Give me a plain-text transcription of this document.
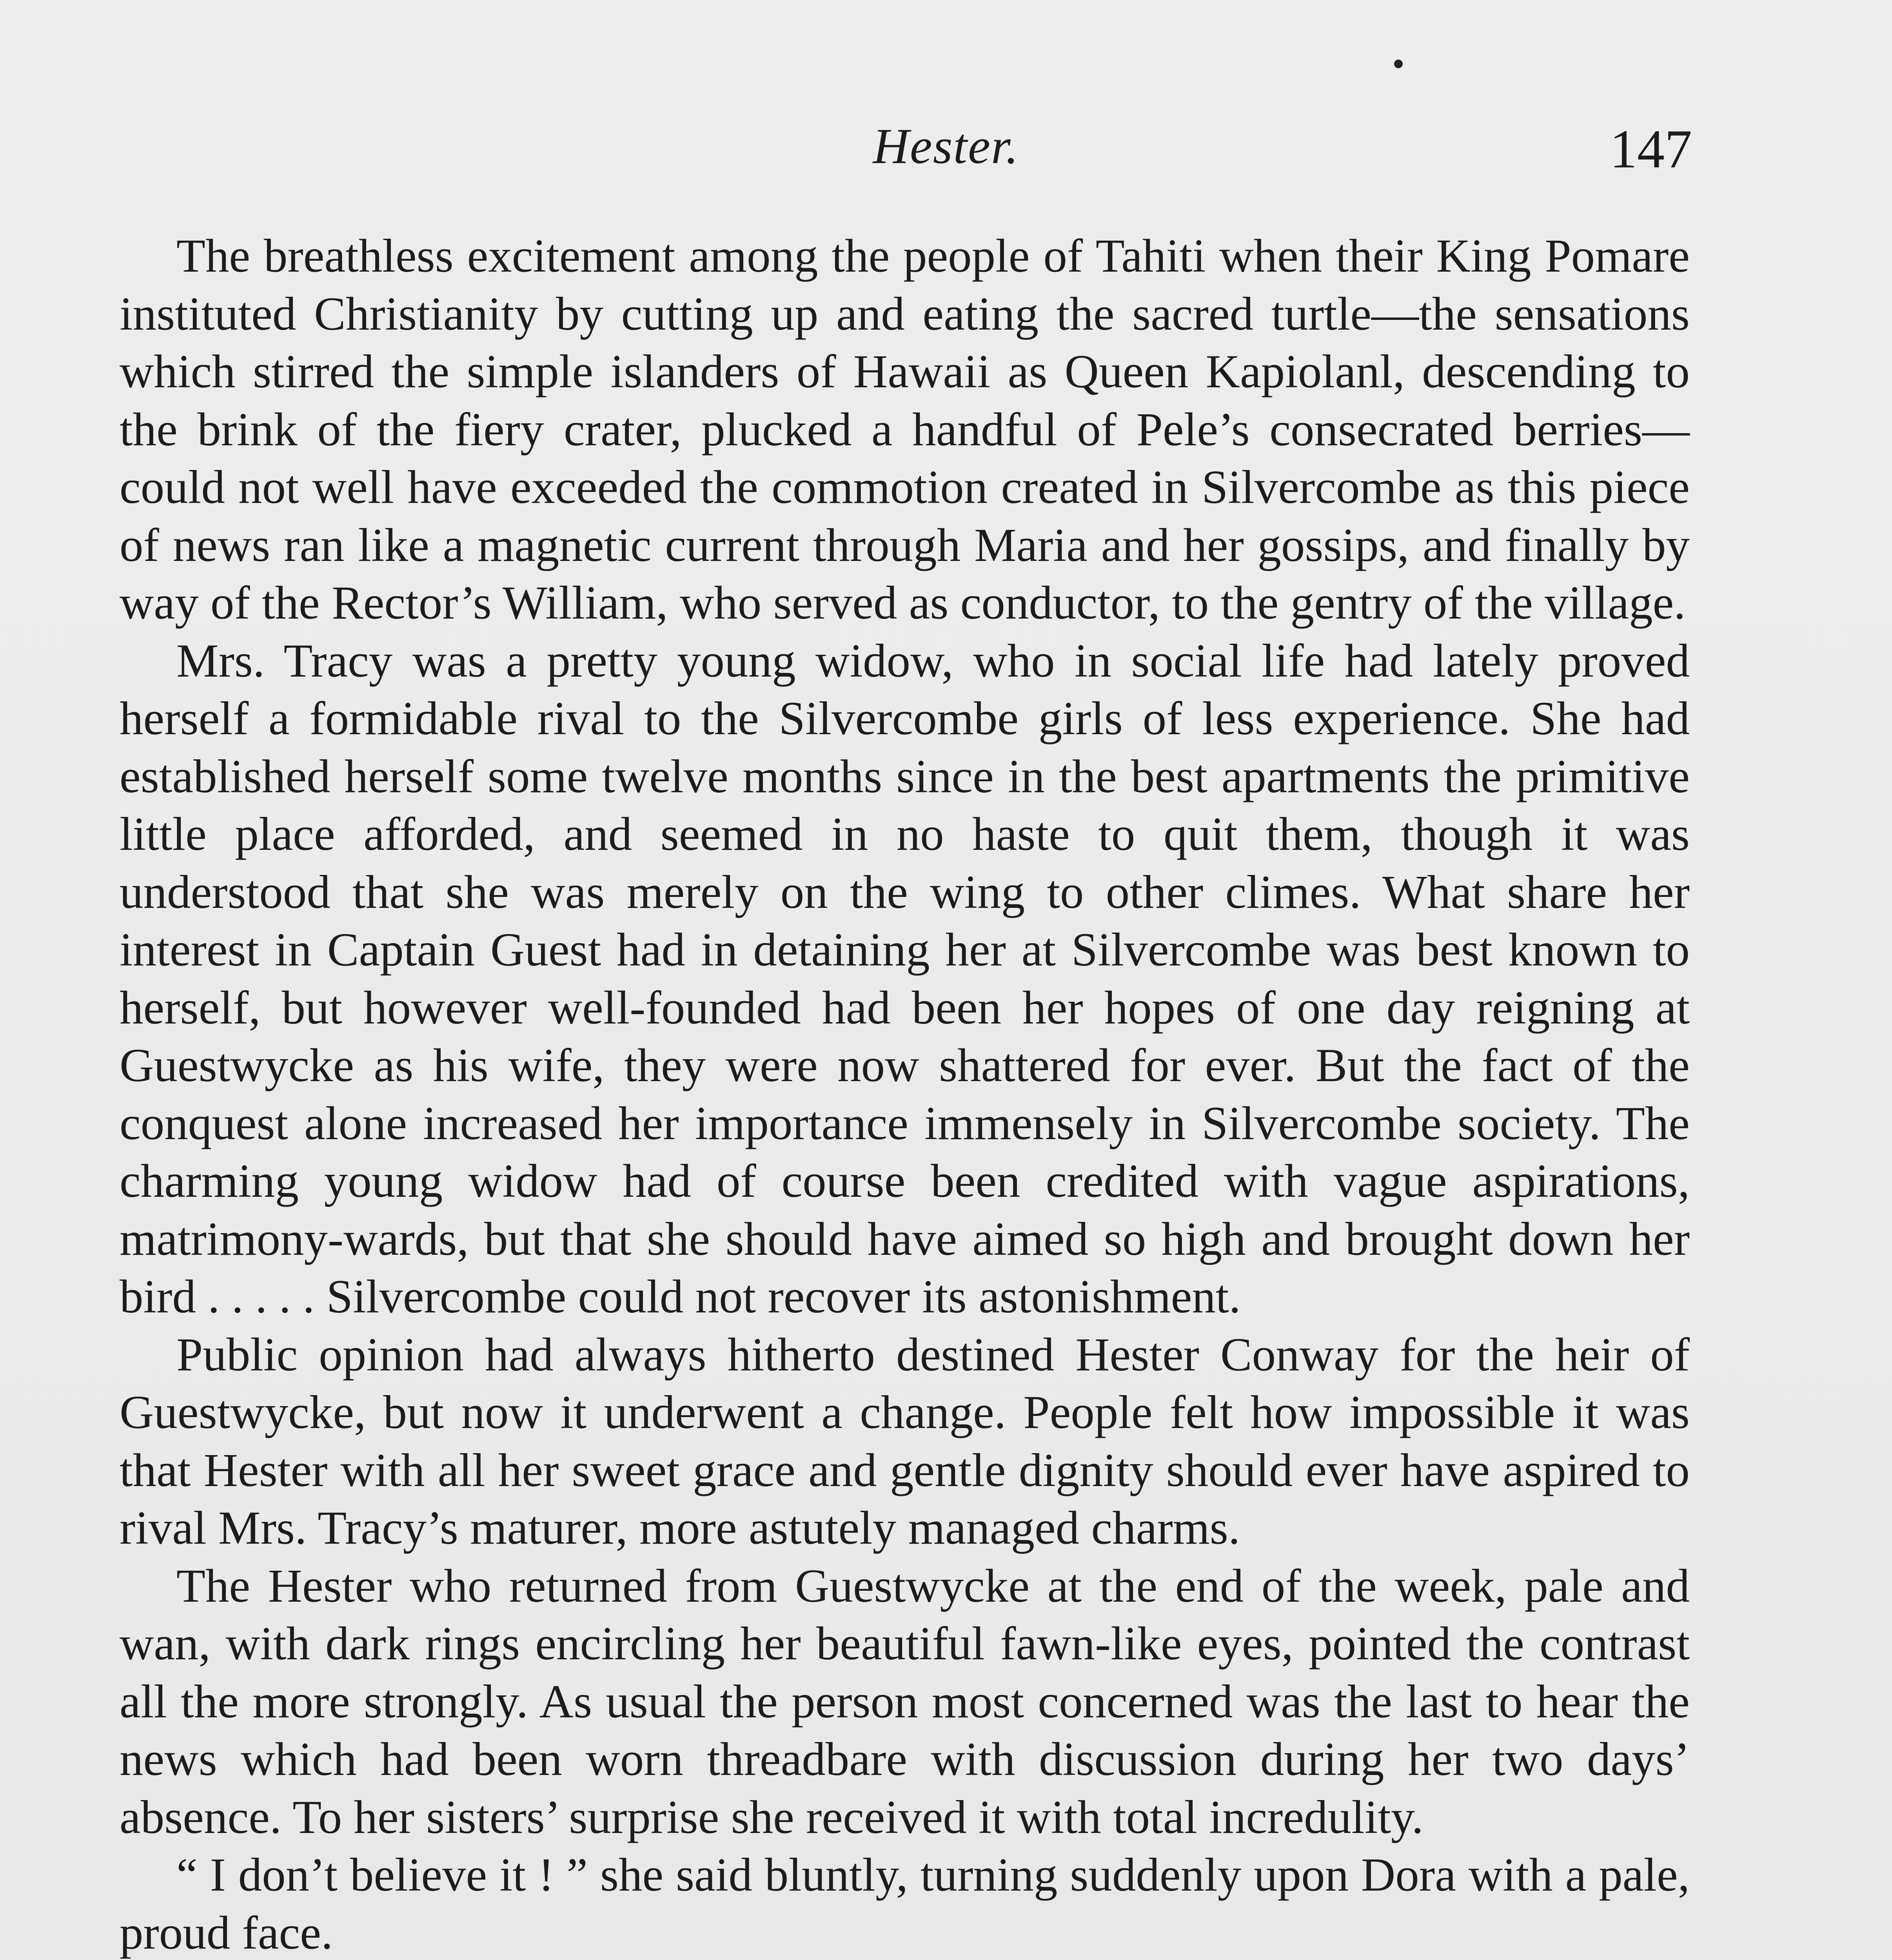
Hester.	147

The breathless excitement among the people of Tahiti when their King Pomare instituted Christianity by cutting up and eating the sacred turtle—the sensations which stirred the simple islanders of Hawaii as Queen Kapiolanl, descending to the brink of the fiery crater, plucked a handful of Pele’s consecrated berries—could not well have exceeded the commotion created in Silvercombe as this piece of news ran like a magnetic current through Maria and her gossips, and finally by way of the Rector’s William, who served as conductor, to the gentry of the village.

Mrs. Tracy was a pretty young widow, who in social life had lately proved herself a formidable rival to the Silvercombe girls of less experience. She had established herself some twelve months since in the best apartments the primitive little place afforded, and seemed in no haste to quit them, though it was understood that she was merely on the wing to other climes. What share her interest in Captain Guest had in detaining her at Silvercombe was best known to herself, but however well-founded had been her hopes of one day reigning at Guestwycke as his wife, they were now shattered for ever. But the fact of the conquest alone increased her importance immensely in Silvercombe society. The charming young widow had of course been credited with vague aspirations, matrimony-wards, but that she should have aimed so high and brought down her bird . . . . . Silvercombe could not recover its astonishment.

Public opinion had always hitherto destined Hester Conway for the heir of Guestwycke, but now it underwent a change. People felt how impossible it was that Hester with all her sweet grace and gentle dignity should ever have aspired to rival Mrs. Tracy’s maturer, more astutely managed charms.

The Hester who returned from Guestwycke at the end of the week, pale and wan, with dark rings encircling her beautiful fawn-like eyes, pointed the contrast all the more strongly. As usual the person most concerned was the last to hear the news which had been worn threadbare with discussion during her two days’ absence. To her sisters’ surprise she received it with total incredulity.

“ I don’t believe it ! ” she said bluntly, turning suddenly upon Dora with a pale, proud face.
